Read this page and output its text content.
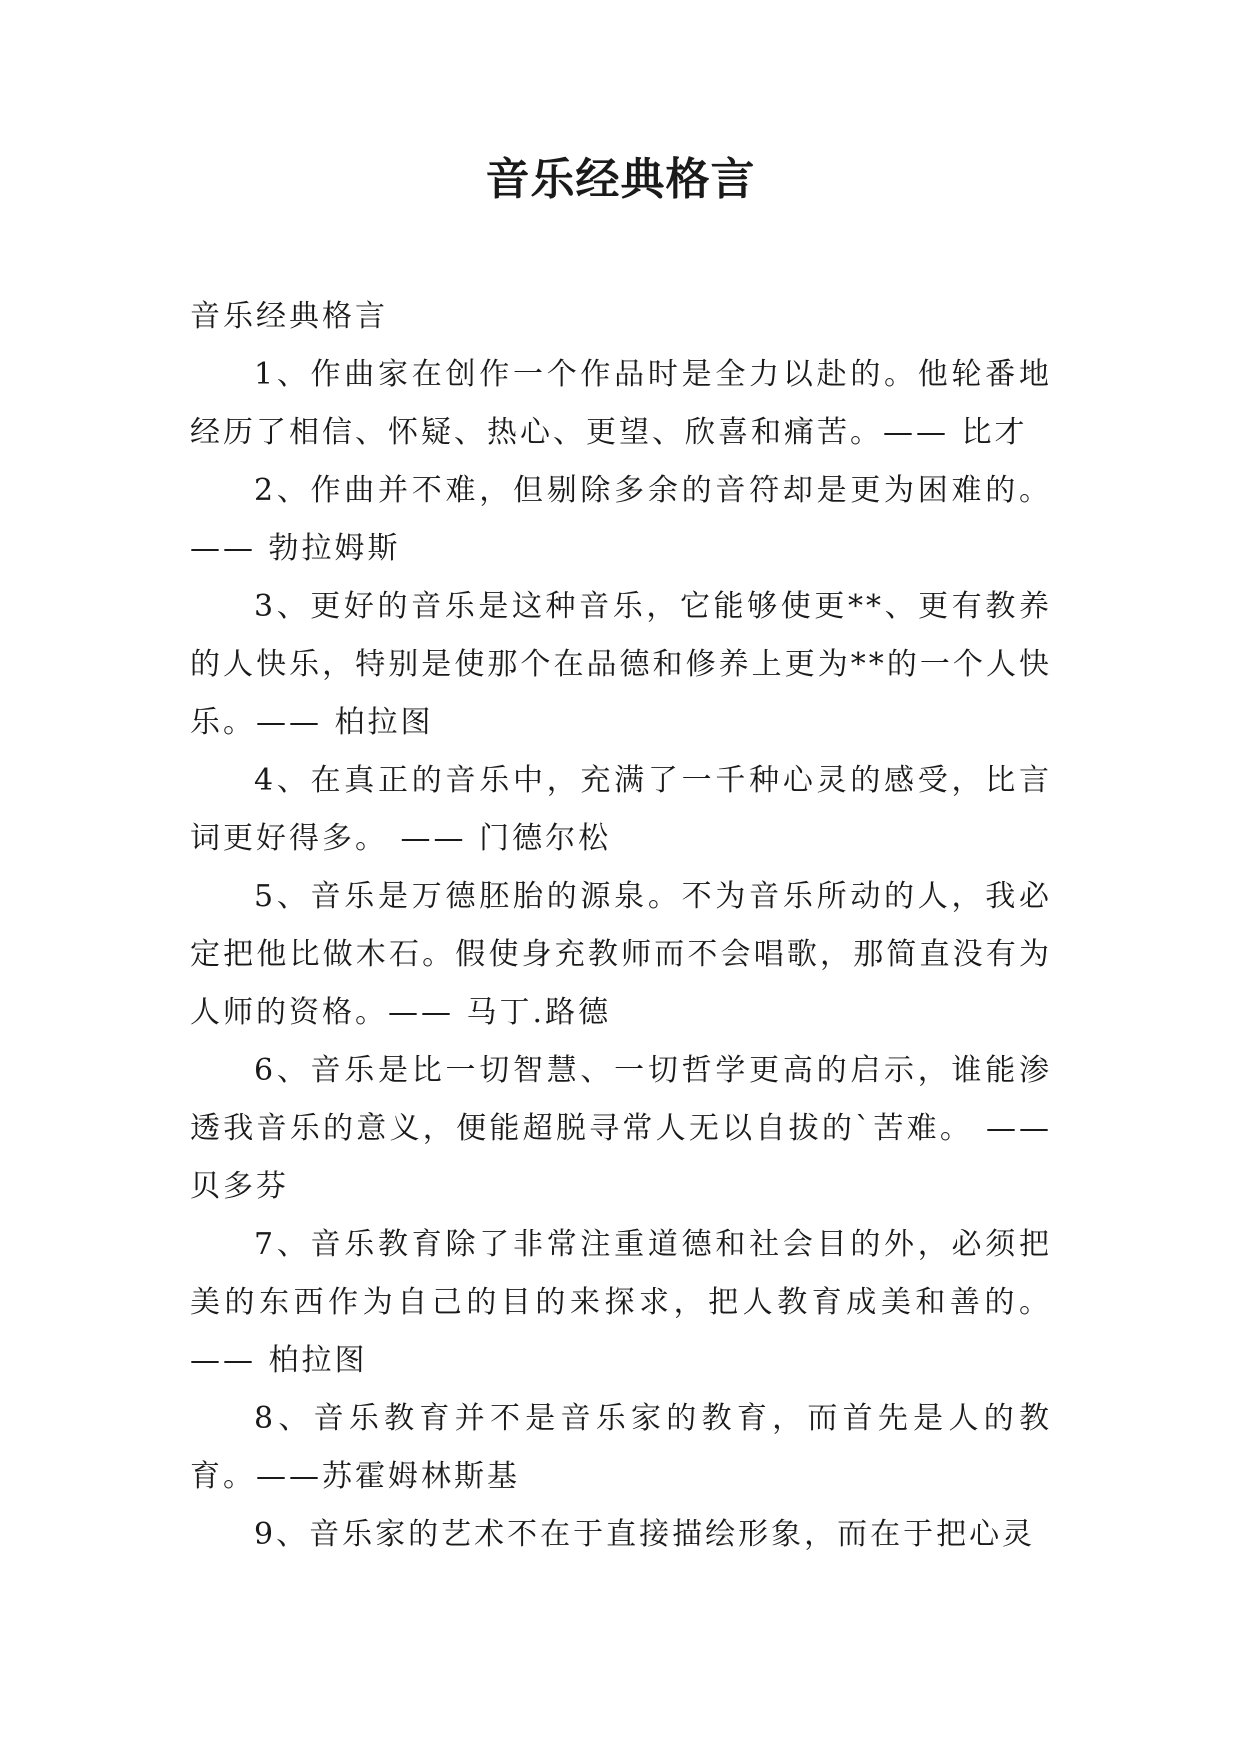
音乐经典格言

音乐经典格言

1、作曲家在创作一个作品时是全力以赴的。他轮番地经历了相信、怀疑、热心、更望、欣喜和痛苦。—— 比才

2、作曲并不难，但剔除多余的音符却是更为困难的。—— 勃拉姆斯

3、更好的音乐是这种音乐，它能够使更**、更有教养的人快乐，特别是使那个在品德和修养上更为**的一个人快乐。—— 柏拉图

4、在真正的音乐中，充满了一千种心灵的感受，比言词更好得多。 —— 门德尔松

5、音乐是万德胚胎的源泉。不为音乐所动的人，我必定把他比做木石。假使身充教师而不会唱歌，那简直没有为人师的资格。—— 马丁.路德

6、音乐是比一切智慧、一切哲学更高的启示，谁能渗透我音乐的意义，便能超脱寻常人无以自拔的`苦难。 ——贝多芬

7、音乐教育除了非常注重道德和社会目的外，必须把美的东西作为自己的目的来探求，把人教育成美和善的。—— 柏拉图

8、音乐教育并不是音乐家的教育，而首先是人的教育。——苏霍姆林斯基

9、音乐家的艺术不在于直接描绘形象，而在于把心灵
